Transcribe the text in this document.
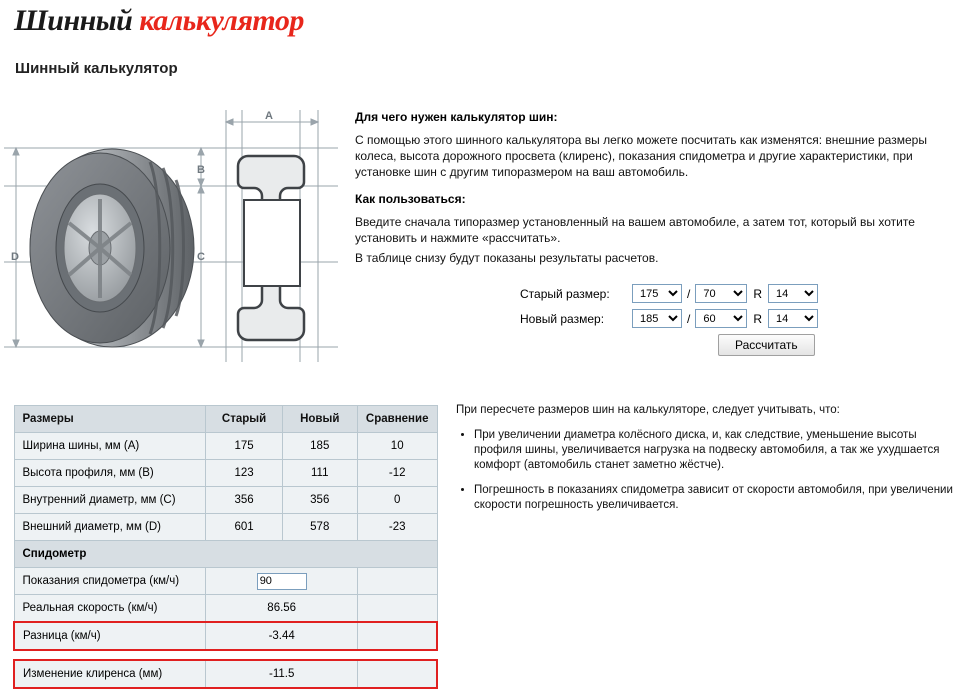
Шинный калькулятор
Шинный калькулятор
A
B
C
D
Для чего нужен калькулятор шин:

С помощью этого шинного калькулятора вы легко можете посчитать как изменятся: внешние размеры колеса, высота дорожного просвета (клиренс), показания спидометра и другие характеристики, при установке шин с другим типоразмером на ваш автомобиль.

Как пользоваться:

Введите сначала типоразмер установленный на вашем автомобиле, а затем тот, который вы хотите установить и нажмите «рассчитать».

В таблице снизу будут показаны результаты расчетов.

Старый размер:
175	/
70	R
14
Новый размер:
185	/
60	R
14
Рассчитать
Размеры	Старый	Новый	Сравнение
Ширина шины, мм (A)	175	185	10
Высота профиля, мм (B)	123	111	-12
Внутренний диаметр, мм (C)	356	356	0
Внешний диаметр, мм (D)	601	578	-23
Спидометр			
Показания спидометра (км/ч)	90	
Реальная скорость (км/ч)	86.56		
Разница (км/ч)	-3.44		

Изменение клиренса (мм)	-11.5		

При пересчете размеров шин на калькуляторе, следует учитывать, что:

• При увеличении диаметра колёсного диска, и, как следствие, уменьшение высоты профиля шины, увеличивается нагрузка на подвеску автомобиля, а так же ухудшается комфорт (автомобиль станет заметно жёстче).
• Погрешность в показаниях спидометра зависит от скорости автомобиля, при увеличении скорости погрешность увеличивается.
